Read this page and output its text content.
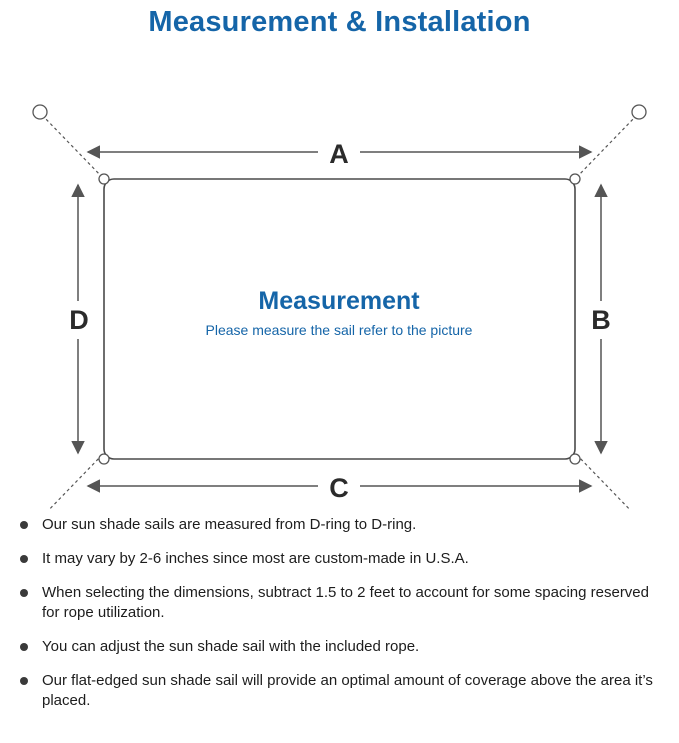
Measurement & Installation
A
C
D	B
Measurement
Please measure the sail refer to the picture
Our sun shade sails are measured from D-ring to D-ring.
It may vary by 2-6 inches since most are custom-made in U.S.A.
When selecting the dimensions, subtract 1.5 to 2 feet to account for some spacing reserved for rope utilization.
You can adjust the sun shade sail with the included rope.
Our flat-edged sun shade sail will provide an optimal amount of coverage above the area it’s placed.
